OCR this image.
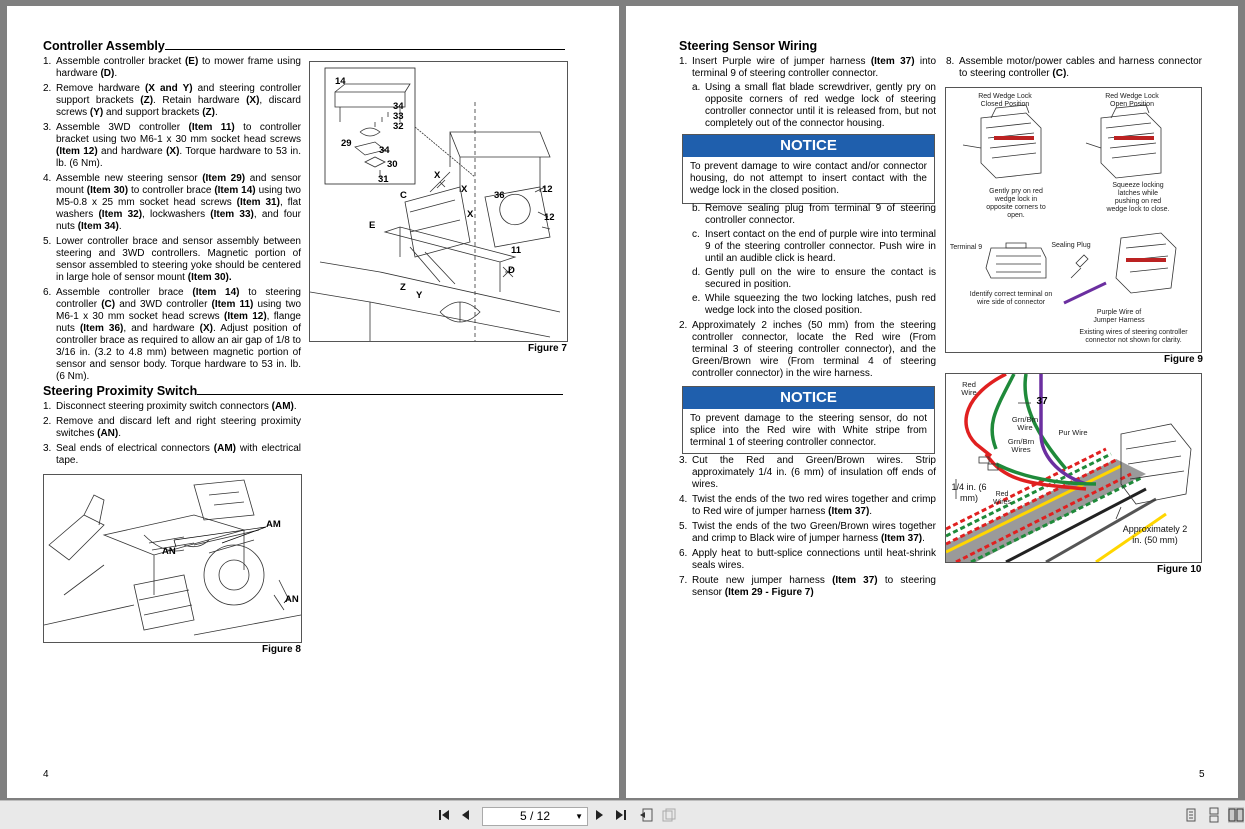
Controller Assembly
1. Assemble controller bracket (E) to mower frame using hardware (D).
2. Remove hardware (X and Y) and steering controller support brackets (Z). Retain hardware (X), discard screws (Y) and support brackets (Z).
3. Assemble 3WD controller (Item 11) to controller bracket using two M6-1 x 30 mm socket head screws (Item 12) and hardware (X). Torque hardware to 53 in. lb. (6 Nm).
4. Assemble new steering sensor (Item 29) and sensor mount (Item 30) to controller brace (Item 14) using two M5-0.8 x 25 mm socket head screws (Item 31), flat washers (Item 32), lockwashers (Item 33), and four nuts (Item 34).
5. Lower controller brace and sensor assembly between steering and 3WD controllers. Magnetic portion of sensor assembled to steering yoke should be centered in large hole of sensor mount (Item 30).
6. Assemble controller brace (Item 14) to steering controller (C) and 3WD controller (Item 11) using two M6-1 x 30 mm socket head screws (Item 12), flange nuts (Item 36), and hardware (X). Adjust position of controller brace as required to allow an air gap of 1/8 to 3/16 in. (3.2 to 4.8 mm) between magnetic portion of sensor and sensor body. Torque hardware to 53 in. lb. (6 Nm).
14
34
33
32
29
34
30
31	X
X
X
36
12
12
C
E
11
D
Z
Y
Figure 7
Steering Proximity Switch
1. Disconnect steering proximity switch connectors (AM).
2. Remove and discard left and right steering proximity switches (AN).
3. Seal ends of electrical connectors (AM) with electrical tape.
AM
AN
AN
Figure 8
4
Steering Sensor Wiring
1. Insert Purple wire of jumper harness (Item 37) into terminal 9 of steering controller connector.
a. Using a small flat blade screwdriver, gently pry on opposite corners of red wedge lock of steering controller connector until it is released from, but not completely out of the connector housing.
NOTICE
To prevent damage to wire contact and/or connector housing, do not attempt to insert contact with the wedge lock in the closed position.
b. Remove sealing plug from terminal 9 of steering controller connector.
c. Insert contact on the end of purple wire into terminal 9 of the steering controller connector. Push wire in until an audible click is heard.
d. Gently pull on the wire to ensure the contact is secured in position.
e. While squeezing the two locking latches, push red wedge lock into the closed position.
2. Approximately 2 inches (50 mm) from the steering controller connector, locate the Red wire (From terminal 3 of steering controller connector), and the Green/Brown wire (From terminal 4 of steering controller connector) in the wire harness.
NOTICE
To prevent damage to the steering sensor, do not splice into the Red wire with White stripe from terminal 1 of steering controller connector.
3. Cut the Red and Green/Brown wires. Strip approximately 1/4 in. (6 mm) of insulation off ends of wires.
4. Twist the ends of the two red wires together and crimp to Red wire of jumper harness (Item 37).
5. Twist the ends of the two Green/Brown wires together and crimp to Black wire of jumper harness (Item 37).
6. Apply heat to butt-splice connections until heat-shrink seals wires.
7. Route new jumper harness (Item 37) to steering sensor (Item 29 - Figure 7)
8. Assemble motor/power cables and harness connector to steering controller (C).
Red Wedge Lock Closed Position
Red Wedge Lock Open Position
Gently pry on red wedge lock in opposite corners to open.
Squeeze locking latches while pushing on red wedge lock to close.
Terminal 9	Sealing Plug
Identify correct terminal on wire side of connector
Purple Wire of Jumper Harness
Existing wires of steering controller connector not shown for clarity.
Figure 9
Red Wire
37
Grn/Brn Wire
Grn/Brn Wires
Pur Wire
1/4 in. (6 mm)	Red Wires
Approximately 2 in. (50 mm)
Figure 10
5
5 / 12	▼
